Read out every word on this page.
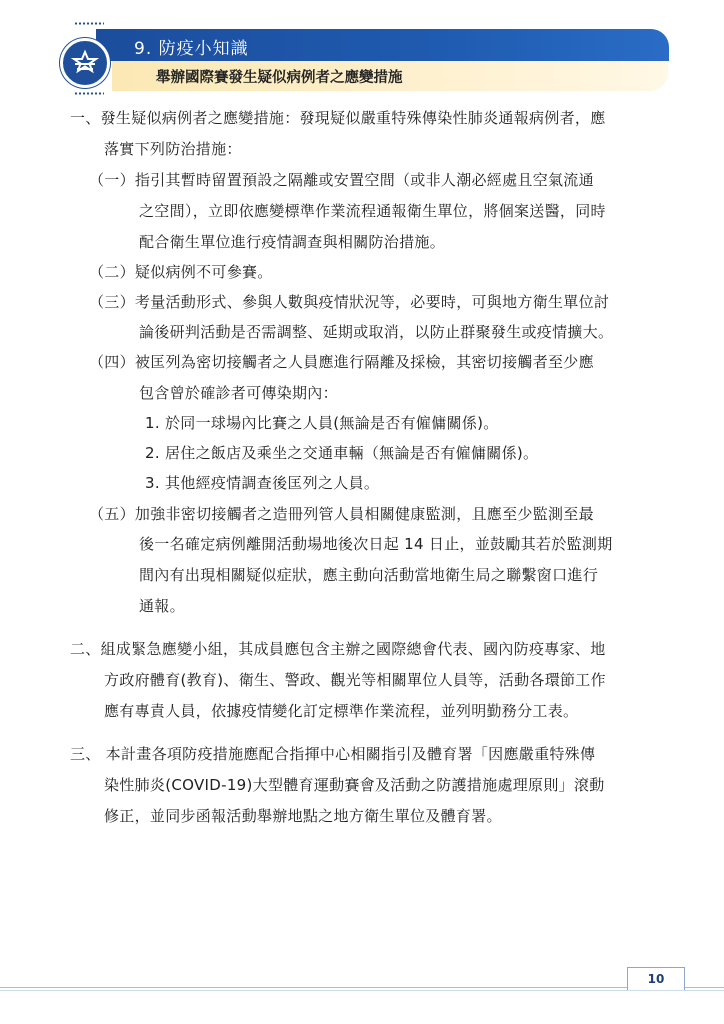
9. 防疫小知識
舉辦國際賽發生疑似病例者之應變措施
一、發生疑似病例者之應變措施：發現疑似嚴重特殊傳染性肺炎通報病例者，應
落實下列防治措施：
（一）指引其暫時留置預設之隔離或安置空間（或非人潮必經處且空氣流通
之空間），立即依應變標準作業流程通報衛生單位，將個案送醫，同時
配合衛生單位進行疫情調查與相關防治措施。
（二）疑似病例不可參賽。
（三）考量活動形式、參與人數與疫情狀況等，必要時，可與地方衛生單位討
論後研判活動是否需調整、延期或取消，以防止群聚發生或疫情擴大。
（四）被匡列為密切接觸者之人員應進行隔離及採檢，其密切接觸者至少應
包含曾於確診者可傳染期內：
1. 於同一球場內比賽之人員(無論是否有僱傭關係)。
2. 居住之飯店及乘坐之交通車輛（無論是否有僱傭關係)。
3. 其他經疫情調查後匡列之人員。
（五）加強非密切接觸者之造冊列管人員相關健康監測，且應至少監測至最
後一名確定病例離開活動場地後次日起 14 日止，並鼓勵其若於監測期
間內有出現相關疑似症狀，應主動向活動當地衛生局之聯繫窗口進行
通報。
二、組成緊急應變小組，其成員應包含主辦之國際總會代表、國內防疫專家、地
方政府體育(教育)、衛生、警政、觀光等相關單位人員等，活動各環節工作
應有專責人員，依據疫情變化訂定標準作業流程，並列明勤務分工表。
三、 本計畫各項防疫措施應配合指揮中心相關指引及體育署「因應嚴重特殊傳
染性肺炎(COVID-19)大型體育運動賽會及活動之防護措施處理原則」滾動
修正，並同步函報活動舉辦地點之地方衛生單位及體育署。
10
